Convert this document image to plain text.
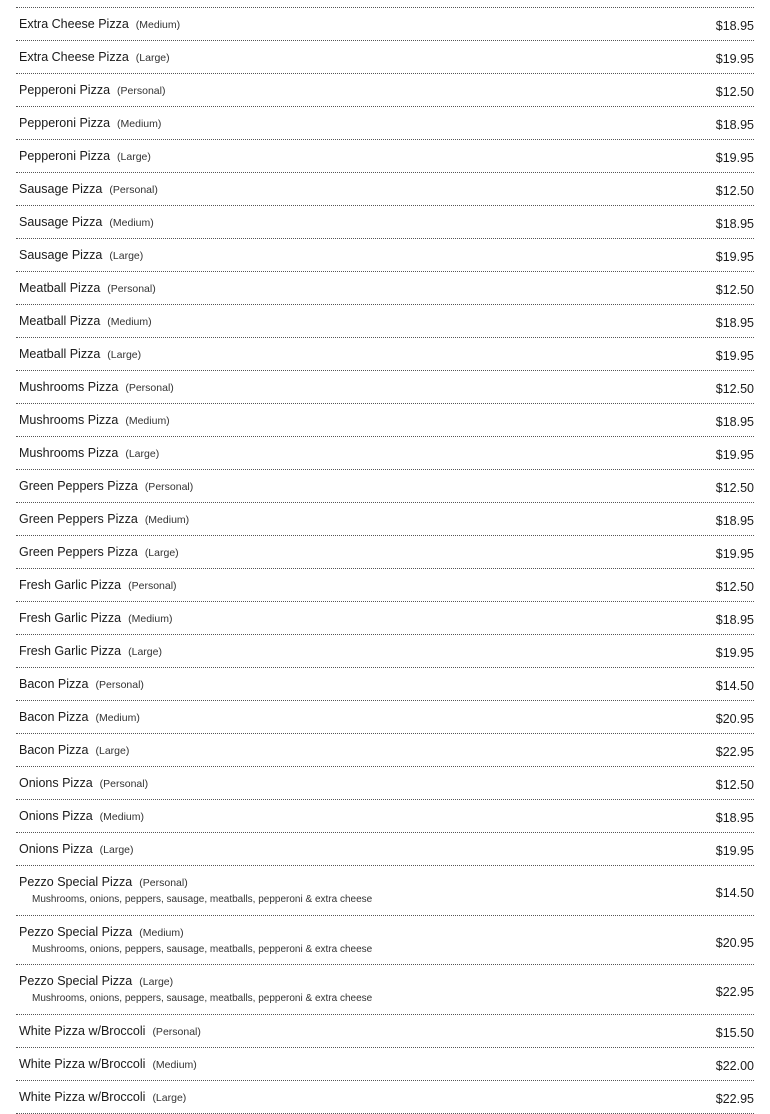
Extra Cheese Pizza (Medium)	$18.95
Extra Cheese Pizza (Large)	$19.95
Pepperoni Pizza (Personal)	$12.50
Pepperoni Pizza (Medium)	$18.95
Pepperoni Pizza (Large)	$19.95
Sausage Pizza (Personal)	$12.50
Sausage Pizza (Medium)	$18.95
Sausage Pizza (Large)	$19.95
Meatball Pizza (Personal)	$12.50
Meatball Pizza (Medium)	$18.95
Meatball Pizza (Large)	$19.95
Mushrooms Pizza (Personal)	$12.50
Mushrooms Pizza (Medium)	$18.95
Mushrooms Pizza (Large)	$19.95
Green Peppers Pizza (Personal)	$12.50
Green Peppers Pizza (Medium)	$18.95
Green Peppers Pizza (Large)	$19.95
Fresh Garlic Pizza (Personal)	$12.50
Fresh Garlic Pizza (Medium)	$18.95
Fresh Garlic Pizza (Large)	$19.95
Bacon Pizza (Personal)	$14.50
Bacon Pizza (Medium)	$20.95
Bacon Pizza (Large)	$22.95
Onions Pizza (Personal)	$12.50
Onions Pizza (Medium)	$18.95
Onions Pizza (Large)	$19.95
Pezzo Special Pizza (Personal)
Mushrooms, onions, peppers, sausage, meatballs, pepperoni & extra cheese	$14.50
Pezzo Special Pizza (Medium)
Mushrooms, onions, peppers, sausage, meatballs, pepperoni & extra cheese	$20.95
Pezzo Special Pizza (Large)
Mushrooms, onions, peppers, sausage, meatballs, pepperoni & extra cheese	$22.95
White Pizza w/Broccoli (Personal)	$15.50
White Pizza w/Broccoli (Medium)	$22.00
White Pizza w/Broccoli (Large)	$22.95
